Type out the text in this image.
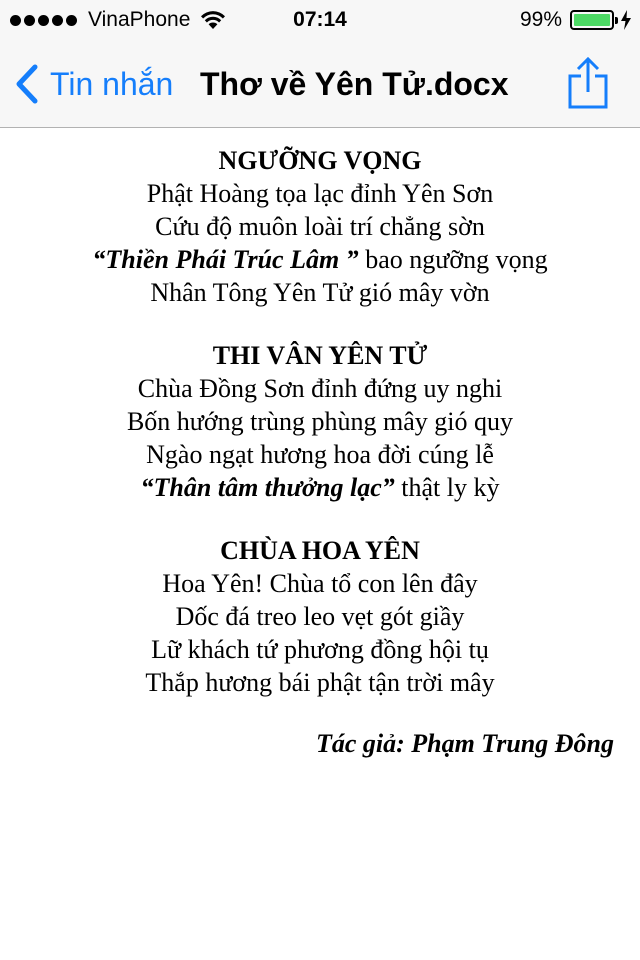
VinaPhone	07:14	99%
Tin nhắn Thơ về Yên Tử.docx
NGƯỠNG VỌNG
Phật Hoàng tọa lạc đỉnh Yên Sơn
Cứu độ muôn loài trí chẳng sờn
“Thiền Phái Trúc Lâm ” bao ngưỡng vọng
Nhân Tông Yên Tử gió mây vờn
THI VÂN YÊN TỬ
Chùa Đồng Sơn đỉnh đứng uy nghi
Bốn hướng trùng phùng mây gió quy
Ngào ngạt hương hoa đời cúng lễ
“Thân tâm thưởng lạc” thật ly kỳ
CHÙA HOA YÊN
Hoa Yên! Chùa tổ con lên đây
Dốc đá treo leo vẹt gót giầy
Lữ khách tứ phương đồng hội tụ
Thắp hương bái phật tận trời mây
Tác giả: Phạm Trung Đông
